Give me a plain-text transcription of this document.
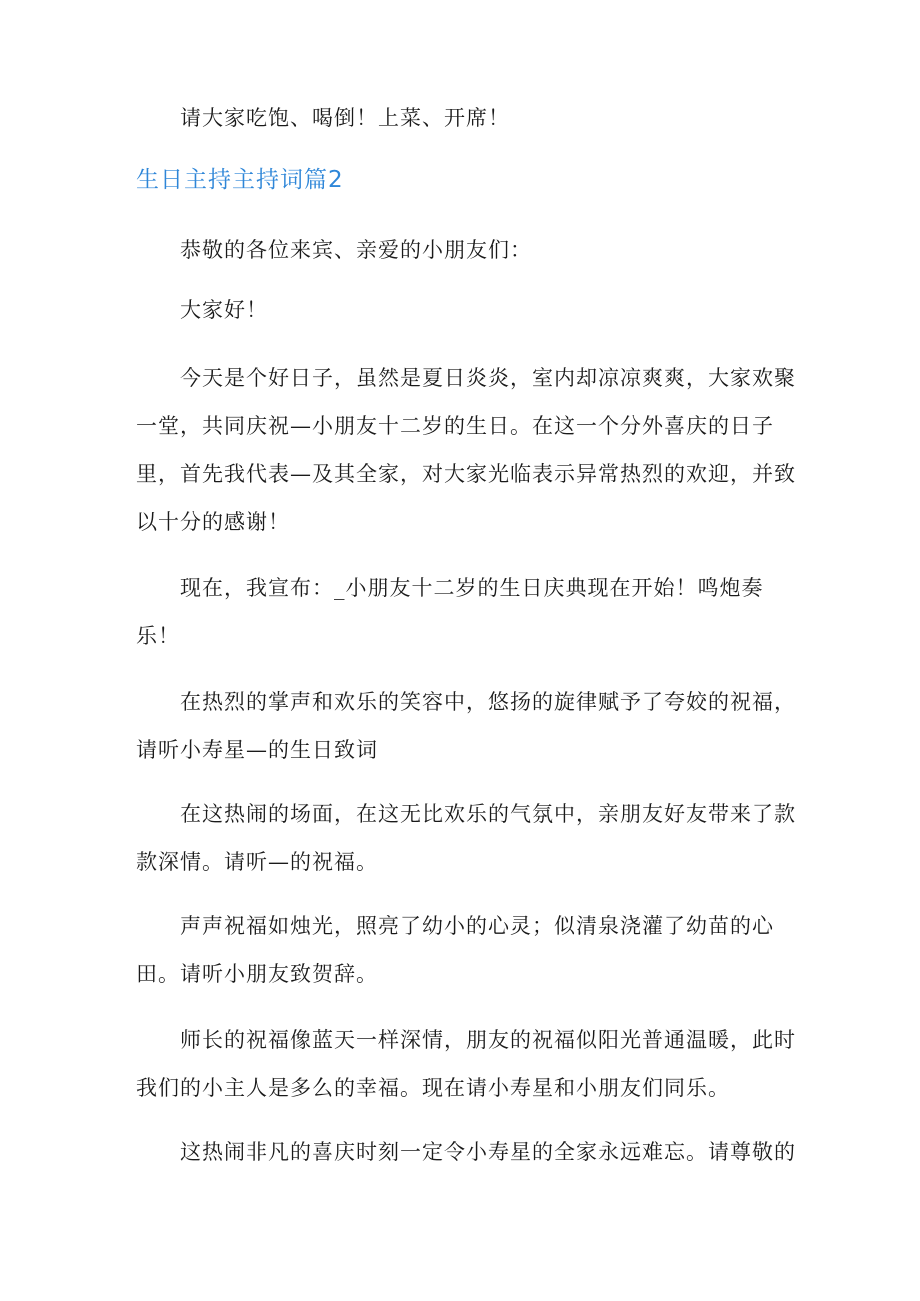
请大家吃饱、喝倒！上菜、开席！

生日主持主持词篇2

恭敬的各位来宾、亲爱的小朋友们：

大家好！

今天是个好日子，虽然是夏日炎炎，室内却凉凉爽爽，大家欢聚一堂，共同庆祝—小朋友十二岁的生日。在这一个分外喜庆的日子里，首先我代表—及其全家，对大家光临表示异常热烈的欢迎，并致以十分的感谢！

现在，我宣布：_小朋友十二岁的生日庆典现在开始！鸣炮奏乐！

在热烈的掌声和欢乐的笑容中，悠扬的旋律赋予了夸姣的祝福，请听小寿星—的生日致词

在这热闹的场面，在这无比欢乐的气氛中，亲朋友好友带来了款款深情。请听—的祝福。

声声祝福如烛光，照亮了幼小的心灵；似清泉浇灌了幼苗的心田。请听小朋友致贺辞。

师长的祝福像蓝天一样深情，朋友的祝福似阳光普通温暖，此时我们的小主人是多么的幸福。现在请小寿星和小朋友们同乐。

这热闹非凡的喜庆时刻一定令小寿星的全家永远难忘。请尊敬的
